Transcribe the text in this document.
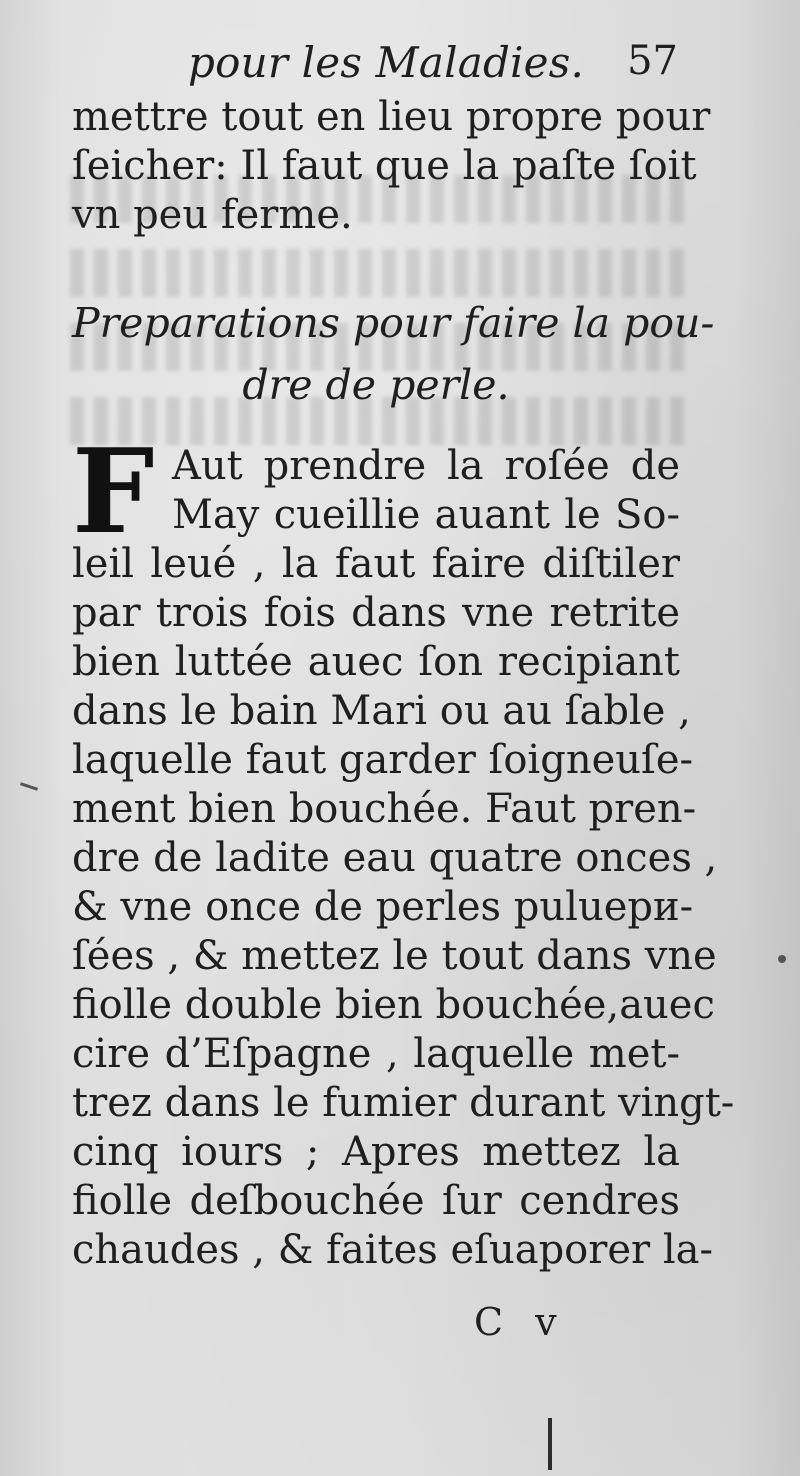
pour les Maladies. 57
mettre tout en lieu propre pour
ſeicher: Il faut que la paſte ſoit
vn peu ferme.
Preparations pour faire la pou-
dre de perle.
F Aut prendre la roſée de
May cueillie auant le So-
leil leué , la faut faire diſtiler
par trois fois dans vne retrite
bien luttée auec ſon recipiant
dans le bain Mari ou au ſable ,
laquelle faut garder ſoigneuſe-
ment bien bouchée. Faut pren-
dre de ladite eau quatre onces ,
& vne once de perles puluери-
ſées , & mettez le tout dans vne
fiolle double bien bouchée,auec
cire d’Eſpagne , laquelle met-
trez dans le fumier durant vingt-
cinq iours ; Apres mettez la
fiolle deſbouchée ſur cendres
chaudes , & faites eſuaporer la-
C v
